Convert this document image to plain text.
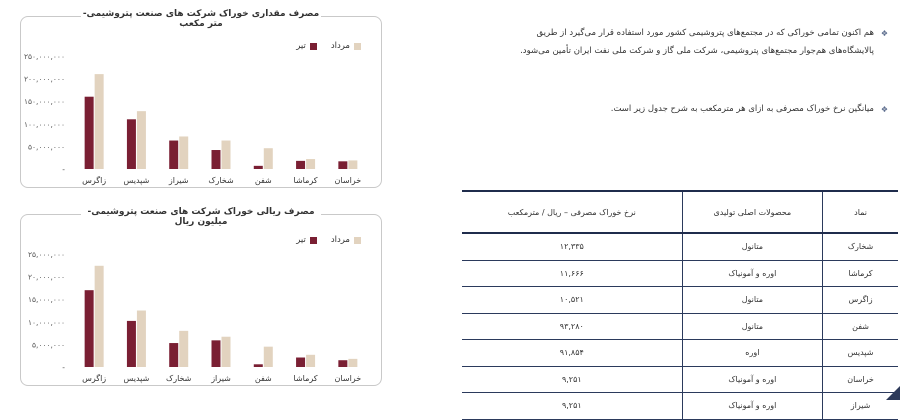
-
۵۰,۰۰۰,۰۰۰
۱۰۰,۰۰۰,۰۰۰
۱۵۰,۰۰۰,۰۰۰
۲۰۰,۰۰۰,۰۰۰
۲۵۰,۰۰۰,۰۰۰
زاگرس شپدیس شیراز شخارک	شفن	کرماشا خراسان
مصرف مقداری خوراک شرکت های صنعت پتروشیمی- متر مکعب
مرداد
تیر
-
۵,۰۰۰,۰۰۰
۱۰,۰۰۰,۰۰۰
۱۵,۰۰۰,۰۰۰
۲۰,۰۰۰,۰۰۰
۲۵,۰۰۰,۰۰۰
زاگرس شپدیس شخارک شیراز	شفن	کرماشا خراسان
مصرف ریالی خوراک شرکت های صنعت پتروشیمی- میلیون ریال
مرداد
تیر
❖
هم اکنون تمامی خوراکی که در مجتمع‌های پتروشیمی کشور مورد استفاده قرار می‌گیرد از طریق پالایشگاه‌های هم‌جوار مجتمع‌های پتروشیمی، شرکت ملی گاز و شرکت ملی نفت ایران تأمین می‌شود.
❖
میانگین نرخ خوراک مصرفی به ازای هر مترمکعب به شرح جدول زیر است.
نماد	محصولات اصلی تولیدی	نرخ خوراک مصرفی – ریال / مترمکعب
شخارک	متانول	۱۲,۳۳۵
کرماشا	اوره و آمونیاک	۱۱,۶۶۶
زاگرس	متانول	۱۰,۵۲۱
شفن	متانول	۹۳,۲۸۰
شپدیس	اوره	۹۱,۸۵۴
خراسان	اوره و آمونیاک	۹,۲۵۱
شیراز	اوره و آمونیاک	۹,۲۵۱
